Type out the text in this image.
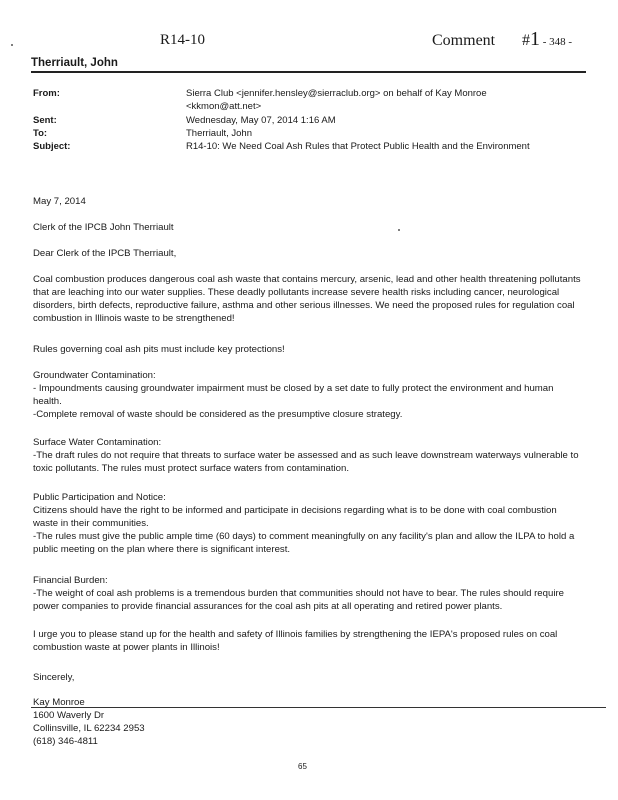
R14-10	Comment #1 - 348 -
Therriault, John
From:	Sierra Club <jennifer.hensley@sierraclub.org> on behalf of Kay Monroe
<kkmon@att.net>
Sent:	Wednesday, May 07, 2014 1:16 AM
To:	Therriault, John
Subject:	R14-10: We Need Coal Ash Rules that Protect Public Health and the Environment
May 7, 2014
Clerk of the IPCB John Therriault
Dear Clerk of the IPCB Therriault,
Coal combustion produces dangerous coal ash waste that contains mercury, arsenic, lead and other health threatening pollutants that are leaching into our water supplies. These deadly pollutants increase severe health risks including cancer, neurological disorders, birth defects, reproductive failure, asthma and other serious illnesses. We need the proposed rules for regulation coal combustion in Illinois waste to be strengthened!
Rules governing coal ash pits must include key protections!

Groundwater Contamination:

- Impoundments causing groundwater impairment must be closed by a set date to fully protect the environment and human health.

-Complete removal of waste should be considered as the presumptive closure strategy.

Surface Water Contamination:

-The draft rules do not require that threats to surface water be assessed and as such leave downstream waterways vulnerable to toxic pollutants. The rules must protect surface waters from contamination.

Public Participation and Notice:

Citizens should have the right to be informed and participate in decisions regarding what is to be done with coal combustion waste in their communities.

-The rules must give the public ample time (60 days) to comment meaningfully on any facility's plan and allow the ILPA to hold a public meeting on the plan where there is significant interest.

Financial Burden:

-The weight of coal ash problems is a tremendous burden that communities should not have to bear. The rules should require power companies to provide financial assurances for the coal ash pits at all operating and retired power plants.

I urge you to please stand up for the health and safety of Illinois families by strengthening the IEPA's proposed rules on coal combustion waste at power plants in Illinois!
Sincerely,

Kay Monroe

1600 Waverly Dr

Collinsville, IL 62234 2953

(618) 346-4811

65
